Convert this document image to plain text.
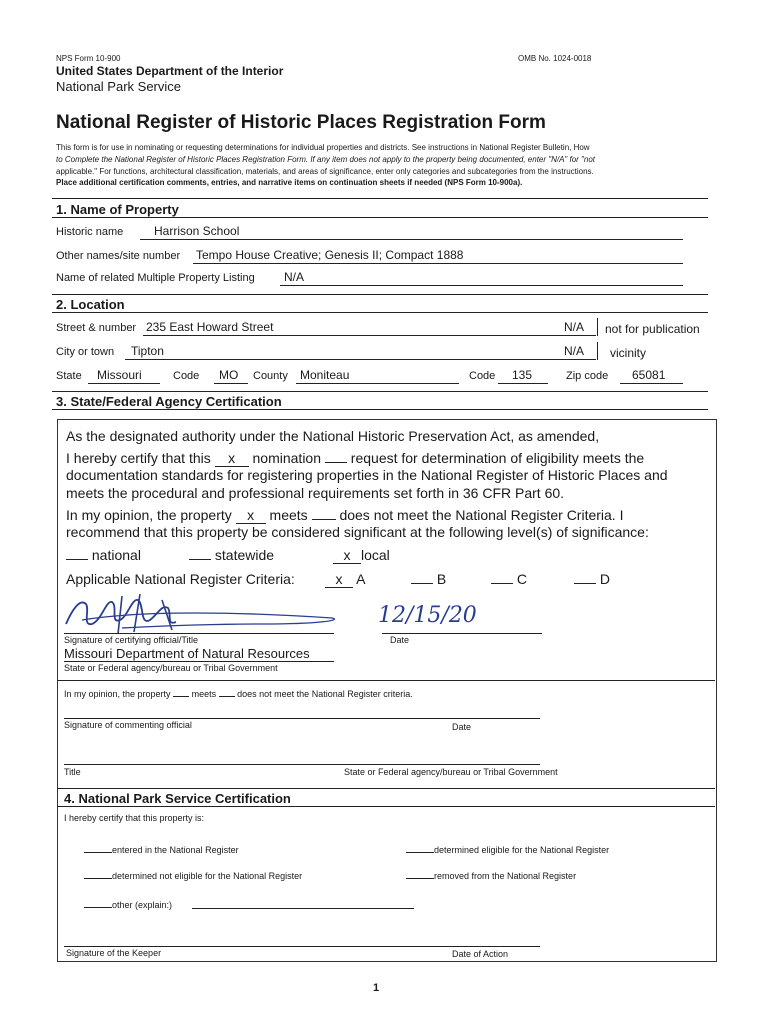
NPS Form 10-900	OMB No. 1024-0018
United States Department of the Interior
National Park Service
National Register of Historic Places Registration Form
This form is for use in nominating or requesting determinations for individual properties and districts. See instructions in National Register Bulletin, How
to Complete the National Register of Historic Places Registration Form. If any item does not apply to the property being documented, enter "N/A" for "not
applicable." For functions, architectural classification, materials, and areas of significance, enter only categories and subcategories from the instructions.
Place additional certification comments, entries, and narrative items on continuation sheets if needed (NPS Form 10-900a).
1. Name of Property
Historic name	Harrison School
Other names/site number Tempo House Creative; Genesis II; Compact 1888
Name of related Multiple Property Listing N/A
2. Location
Street & number 235 East Howard Street	N/A not for publication
City or town Tipton	N/A vicinity
State Missouri	Code MO County Moniteau	Code 135	Zip code 65081
3. State/Federal Agency Certification
As the designated authority under the National Historic Preservation Act, as amended,
I hereby certify that this x nomination request for determination of eligibility meets the
documentation standards for registering properties in the National Register of Historic Places and
meets the procedural and professional requirements set forth in 36 CFR Part 60.
In my opinion, the property x meets does not meet the National Register Criteria. I
recommend that this property be considered significant at the following level(s) of significance:
national	statewide	x local
Applicable National Register Criteria:	x A	B	C	D
12/15/20
Signature of certifying official/Title	Date
Missouri Department of Natural Resources
State or Federal agency/bureau or Tribal Government
In my opinion, the property meets does not meet the National Register criteria.
Signature of commenting official	Date
Title	State or Federal agency/bureau or Tribal Government
4. National Park Service Certification
I hereby certify that this property is:
entered in the National Register	determined eligible for the National Register
determined not eligible for the National Register	removed from the National Register
other (explain:)
Signature of the Keeper	Date of Action
1
